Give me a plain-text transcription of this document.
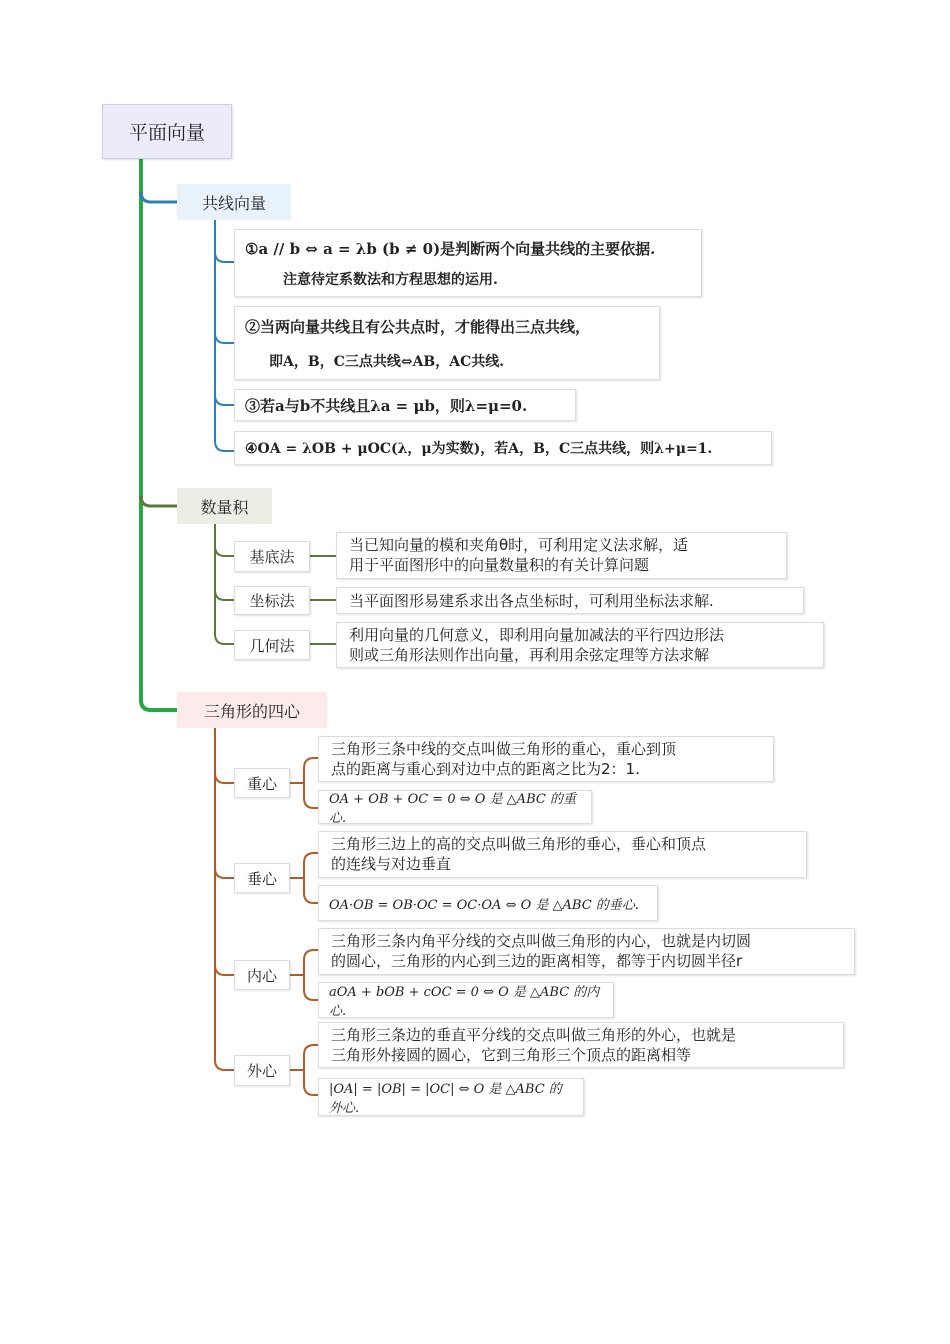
平面向量
共线向量

①a // b ⇔ a = λb (b ≠ 0)是判断两个向量共线的主要依据.

注意待定系数法和方程思想的运用.

②当两向量共线且有公共点时，才能得出三点共线，

即A，B，C三点共线⇔AB，AC共线.

③若a与b不共线且λa = μb，则λ=μ=0.

④OA = λOB + μOC(λ，μ为实数)，若A，B，C三点共线，则λ+μ=1.

数量积
基底法
当已知向量的模和夹角θ时，可利用定义法求解，适
用于平面图形中的向量数量积的有关计算问题
坐标法	当平面图形易建系求出各点坐标时，可利用坐标法求解.
几何法
利用向量的几何意义，即利用向量加减法的平行四边形法
则或三角形法则作出向量，再利用余弦定理等方法求解
三角形的四心
重心
三角形三条中线的交点叫做三角形的重心，重心到顶
点的距离与重心到对边中点的距离之比为2：1.
OA + OB + OC = 0 ⇔ O 是 △ABC 的重心.
垂心
三角形三边上的高的交点叫做三角形的垂心，垂心和顶点
的连线与对边垂直
OA·OB = OB·OC = OC·OA ⇔ O 是 △ABC 的垂心.
内心
三角形三条内角平分线的交点叫做三角形的内心，也就是内切圆
的圆心，三角形的内心到三边的距离相等，都等于内切圆半径r
aOA + bOB + cOC = 0 ⇔ O 是 △ABC 的内心.
外心
三角形三条边的垂直平分线的交点叫做三角形的外心，也就是
三角形外接圆的圆心，它到三角形三个顶点的距离相等
|OA| = |OB| = |OC| ⇔ O 是 △ABC 的外心.
